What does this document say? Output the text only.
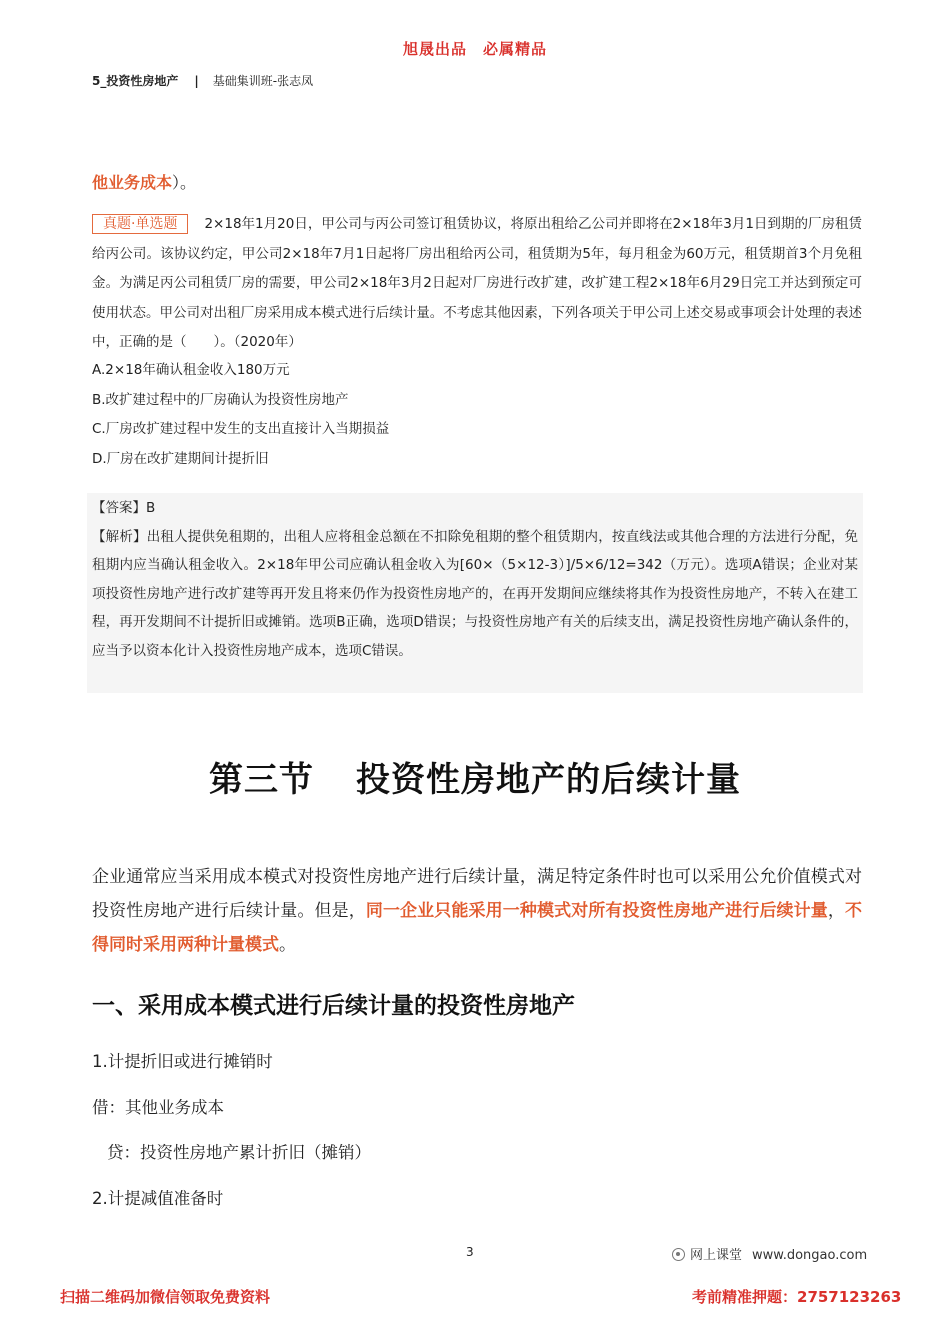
旭晟出品　必属精品
5_投资性房地产 | 基础集训班-张志凤
他业务成本）。
真题·单选题 2×18年1月20日，甲公司与丙公司签订租赁协议，将原出租给乙公司并即将在2×18年3月1日到期的厂房租赁给丙公司。该协议约定，甲公司2×18年7月1日起将厂房出租给丙公司，租赁期为5年，每月租金为60万元，租赁期首3个月免租金。为满足丙公司租赁厂房的需要，甲公司2×18年3月2日起对厂房进行改扩建，改扩建工程2×18年6月29日完工并达到预定可使用状态。甲公司对出租厂房采用成本模式进行后续计量。不考虑其他因素，下列各项关于甲公司上述交易或事项会计处理的表述中，正确的是（　　）。（2020年）
A.2×18年确认租金收入180万元
B.改扩建过程中的厂房确认为投资性房地产
C.厂房改扩建过程中发生的支出直接计入当期损益
D.厂房在改扩建期间计提折旧
【答案】B
【解析】出租人提供免租期的，出租人应将租金总额在不扣除免租期的整个租赁期内，按直线法或其他合理的方法进行分配，免租期内应当确认租金收入。2×18年甲公司应确认租金收入为[60×（5×12-3）]/5×6/12=342（万元）。选项A错误；企业对某项投资性房地产进行改扩建等再开发且将来仍作为投资性房地产的，在再开发期间应继续将其作为投资性房地产，不转入在建工程，再开发期间不计提折旧或摊销。选项B正确，选项D错误；与投资性房地产有关的后续支出，满足投资性房地产确认条件的，应当予以资本化计入投资性房地产成本，选项C错误。
第三节 投资性房地产的后续计量
企业通常应当采用成本模式对投资性房地产进行后续计量，满足特定条件时也可以采用公允价值模式对投资性房地产进行后续计量。但是，同一企业只能采用一种模式对所有投资性房地产进行后续计量，不得同时采用两种计量模式。
一、采用成本模式进行后续计量的投资性房地产
1.计提折旧或进行摊销时
借：其他业务成本
贷：投资性房地产累计折旧（摊销）
2.计提减值准备时
3	网上课堂 www.dongao.com
扫描二维码加微信领取免费资料	考前精准押题：2757123263
